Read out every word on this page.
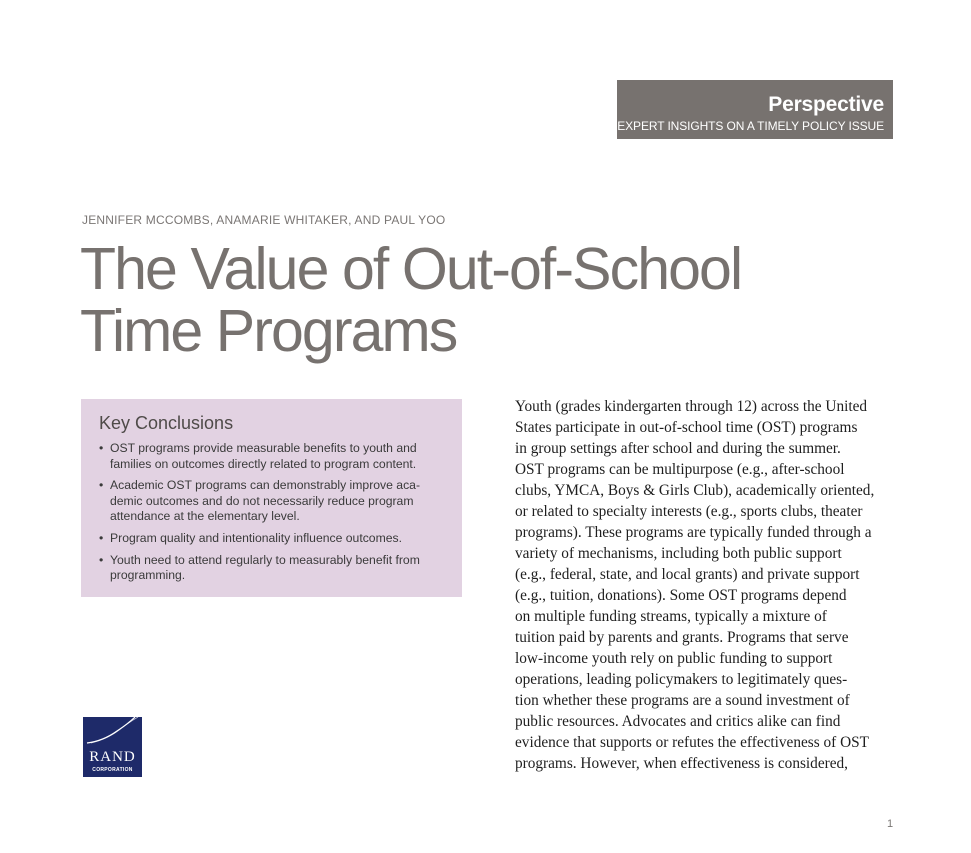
Perspective
EXPERT INSIGHTS ON A TIMELY POLICY ISSUE
JENNIFER MCCOMBS, ANAMARIE WHITAKER, AND PAUL YOO
The Value of Out-of-School
Time Programs
Key Conclusions
• OST programs provide measurable benefits to youth and
families on outcomes directly related to program content.
• Academic OST programs can demonstrably improve aca-
demic outcomes and do not necessarily reduce program
attendance at the elementary level.
• Program quality and intentionality influence outcomes.
• Youth need to attend regularly to measurably benefit from
programming.
Youth (grades kindergarten through 12) across the United
States participate in out-of-school time (OST) programs
in group settings after school and during the summer.
OST programs can be multipurpose (e.g., after-school
clubs, YMCA, Boys & Girls Club), academically oriented,
or related to specialty interests (e.g., sports clubs, theater
programs). These programs are typically funded through a
variety of mechanisms, including both public support
(e.g., federal, state, and local grants) and private support
(e.g., tuition, donations). Some OST programs depend
on multiple funding streams, typically a mixture of
tuition paid by parents and grants. Programs that serve
low-income youth rely on public funding to support
operations, leading policymakers to legitimately ques-
tion whether these programs are a sound investment of
public resources. Advocates and critics alike can find
evidence that supports or refutes the effectiveness of OST
programs. However, when effectiveness is considered,
RAND
CORPORATION
1
